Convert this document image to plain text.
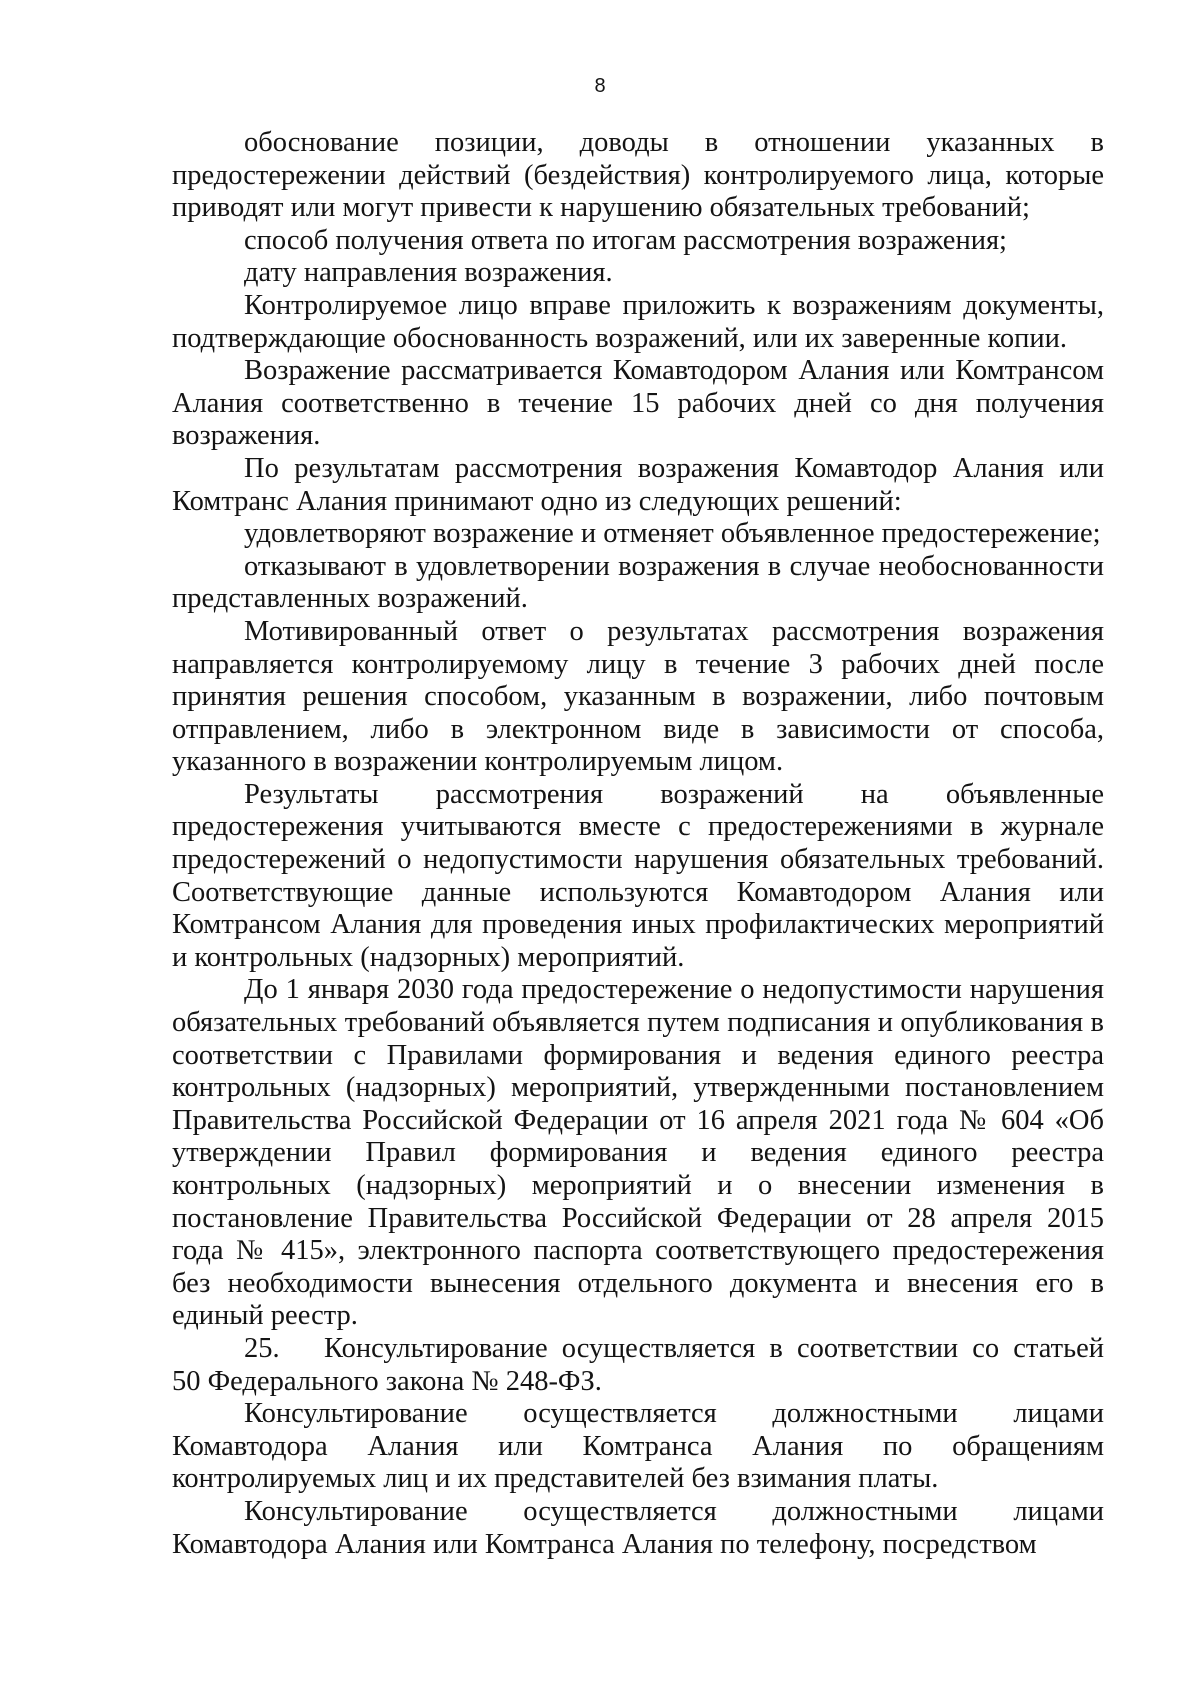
8

обоснование позиции, доводы в отношении указанных в предостережении действий (бездействия) контролируемого лица, которые приводят или могут привести к нарушению обязательных требований;

способ получения ответа по итогам рассмотрения возражения;

дату направления возражения.

Контролируемое лицо вправе приложить к возражениям документы, подтверждающие обоснованность возражений, или их заверенные копии.

Возражение рассматривается Комавтодором Алания или Комтрансом Алания соответственно в течение 15 рабочих дней со дня получения возражения.

По результатам рассмотрения возражения Комавтодор Алания или Комтранс Алания принимают одно из следующих решений:

удовлетворяют возражение и отменяет объявленное предостережение;

отказывают в удовлетворении возражения в случае необоснованности представленных возражений.

Мотивированный ответ о результатах рассмотрения возражения направляется контролируемому лицу в течение 3 рабочих дней после принятия решения способом, указанным в возражении, либо почтовым отправлением, либо в электронном виде в зависимости от способа, указанного в возражении контролируемым лицом.

Результаты рассмотрения возражений на объявленные предостережения учитываются вместе с предостережениями в журнале предостережений о недопустимости нарушения обязательных требований. Соответствующие данные используются Комавтодором Алания или Комтрансом Алания для проведения иных профилактических мероприятий и контрольных (надзорных) мероприятий.

До 1 января 2030 года предостережение о недопустимости нарушения обязательных требований объявляется путем подписания и опубликования в соответствии с Правилами формирования и ведения единого реестра контрольных (надзорных) мероприятий, утвержденными постановлением Правительства Российской Федерации от 16 апреля 2021 года № 604 «Об утверждении Правил формирования и ведения единого реестра контрольных (надзорных) мероприятий и о внесении изменения в постановление Правительства Российской Федерации от 28 апреля 2015 года № 415», электронного паспорта соответствующего предостережения без необходимости вынесения отдельного документа и внесения его в единый реестр.

25. Консультирование осуществляется в соответствии со статьей 50 Федерального закона № 248-ФЗ.

Консультирование осуществляется должностными лицами Комавтодора Алания или Комтранса Алания по обращениям контролируемых лиц и их представителей без взимания платы.

Консультирование осуществляется должностными лицами Комавтодора Алания или Комтранса Алания по телефону, посредством
